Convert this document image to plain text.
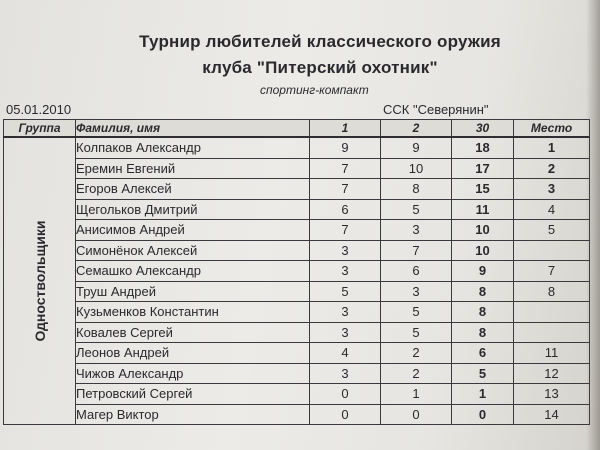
Турнир любителей классического оружия
клуба "Питерский охотник"
спортинг-компакт
05.01.2010	ССК "Северянин"
Группа	Фамилия, имя	1	2	30	Место

Одноствольщики	Колпаков Александр	9	9	18	1
	Еремин Евгений	7	10	17	2
	Егоров Алексей	7	8	15	3
	Щегольков Дмитрий	6	5	11	4
	Анисимов Андрей	7	3	10	5
	Симонёнок Алексей	3	7	10	
	Семашко Александр	3	6	9	7
	Труш Андрей	5	3	8	8
	Кузьменков Константин	3	5	8	
	Ковалев Сергей	3	5	8	
	Леонов Андрей	4	2	6	11
	Чижов Александр	3	2	5	12
	Петровский Сергей	0	1	1	13
	Магер Виктор	0	0	0	14
